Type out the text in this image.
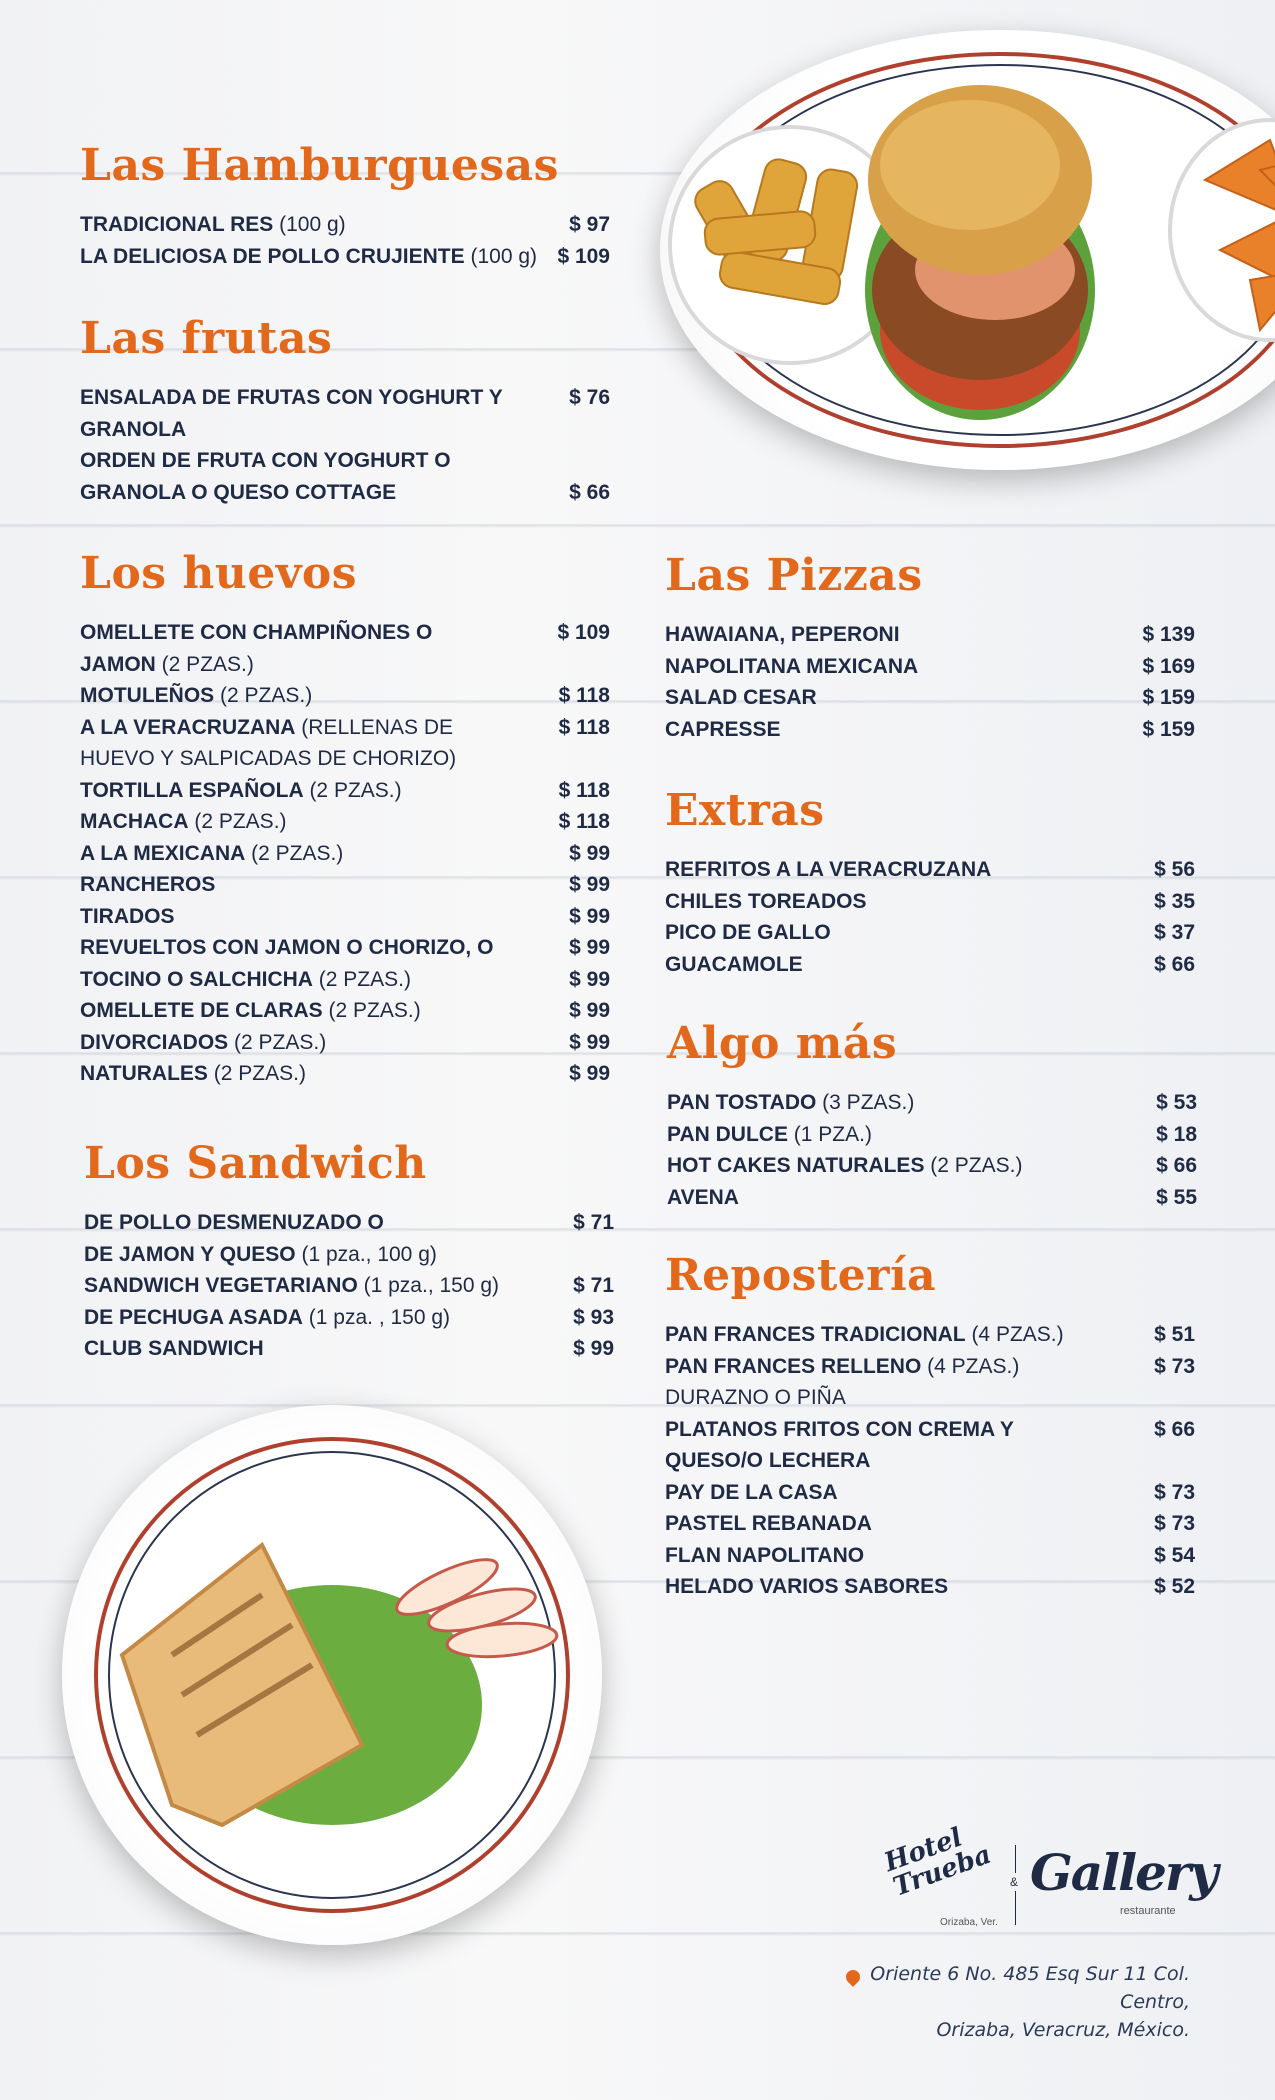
Las Hamburguesas
TRADICIONAL RES (100 g)	$ 97
LA DELICIOSA DE POLLO CRUJIENTE (100 g) $ 109
Las frutas
ENSALADA DE FRUTAS CON YOGHURT Y GRANOLA
$ 76
ORDEN DE FRUTA CON YOGHURT O GRANOLA O QUESO COTTAGE	$ 66
Los huevos
OMELLETE CON CHAMPIÑONES O JAMON (2 PZAS.)
$ 109
MOTULEÑOS (2 PZAS.)	$ 118
A LA VERACRUZANA (RELLENAS DE HUEVO Y SALPICADAS DE CHORIZO)
$ 118
TORTILLA ESPAÑOLA (2 PZAS.)	$ 118
MACHACA (2 PZAS.)	$ 118
A LA MEXICANA (2 PZAS.)	$ 99
RANCHEROS	$ 99
TIRADOS	$ 99
REVUELTOS CON JAMON O CHORIZO, O	$ 99
TOCINO O SALCHICHA (2 PZAS.)	$ 99
OMELLETE DE CLARAS (2 PZAS.)	$ 99
DIVORCIADOS (2 PZAS.)	$ 99
NATURALES (2 PZAS.)	$ 99
Los Sandwich
DE POLLO DESMENUZADO O	$ 71
DE JAMON Y QUESO (1 pza., 100 g)
SANDWICH VEGETARIANO (1 pza., 150 g)	$ 71
DE PECHUGA ASADA (1 pza. , 150 g)	$ 93
CLUB SANDWICH	$ 99
Las Pizzas
HAWAIANA, PEPERONI	$ 139
NAPOLITANA MEXICANA	$ 169
SALAD CESAR	$ 159
CAPRESSE	$ 159
Extras
REFRITOS A LA VERACRUZANA	$ 56
CHILES TOREADOS	$ 35
PICO DE GALLO	$ 37
GUACAMOLE	$ 66
Algo más
PAN TOSTADO (3 PZAS.)	$ 53
PAN DULCE (1 PZA.)	$ 18
HOT CAKES NATURALES (2 PZAS.)	$ 66
AVENA	$ 55
Repostería
PAN FRANCES TRADICIONAL (4 PZAS.)	$ 51
PAN FRANCES RELLENO (4 PZAS.)	$ 73
DURAZNO O PIÑA
PLATANOS FRITOS CON CREMA Y QUESO/O LECHERA
$ 66
PAY DE LA CASA	$ 73
PASTEL REBANADA	$ 73
FLAN NAPOLITANO	$ 54
HELADO VARIOS SABORES	$ 52
Hotel Trueba
Orizaba, Ver.
& Gallery
restaurante
Oriente 6 No. 485 Esq Sur 11 Col. Centro,
Orizaba, Veracruz, México.
